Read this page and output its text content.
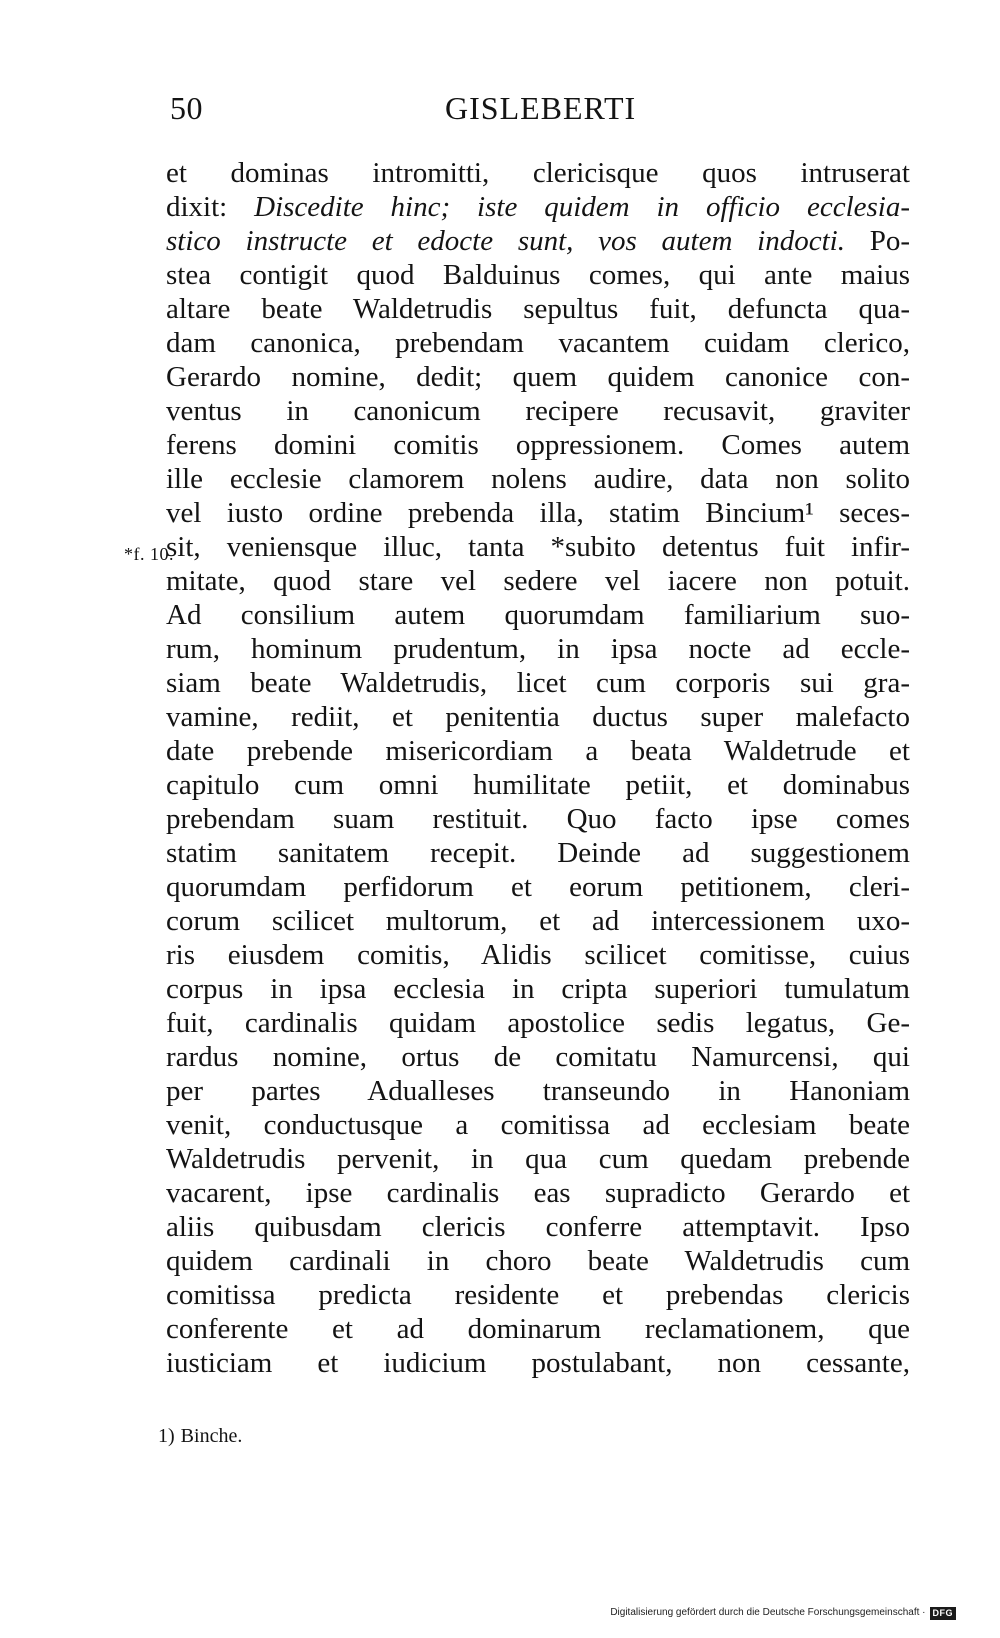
50	GISLEBERTI
*f. 10.
et dominas intromitti, clericisque quos intruserat
dixit: Discedite hinc; iste quidem in officio ecclesia-
stico instructe et edocte sunt, vos autem indocti. Po-
stea contigit quod Balduinus comes, qui ante maius
altare beate Waldetrudis sepultus fuit, defuncta qua-
dam canonica, prebendam vacantem cuidam clerico,
Gerardo nomine, dedit; quem quidem canonice con-
ventus in canonicum recipere recusavit, graviter
ferens domini comitis oppressionem. Comes autem
ille ecclesie clamorem nolens audire, data non solito
vel iusto ordine prebenda illa, statim Bincium¹ seces-
sit, veniensque illuc, tanta *subito detentus fuit infir-
mitate, quod stare vel sedere vel iacere non potuit.
Ad consilium autem quorumdam familiarium suo-
rum, hominum prudentum, in ipsa nocte ad eccle-
siam beate Waldetrudis, licet cum corporis sui gra-
vamine, rediit, et penitentia ductus super malefacto
date prebende misericordiam a beata Waldetrude et
capitulo cum omni humilitate petiit, et dominabus
prebendam suam restituit. Quo facto ipse comes
statim sanitatem recepit. Deinde ad suggestionem
quorumdam perfidorum et eorum petitionem, cleri-
corum scilicet multorum, et ad intercessionem uxo-
ris eiusdem comitis, Alidis scilicet comitisse, cuius
corpus in ipsa ecclesia in cripta superiori tumulatum
fuit, cardinalis quidam apostolice sedis legatus, Ge-
rardus nomine, ortus de comitatu Namurcensi, qui
per partes Adualleses transeundo in Hanoniam
venit, conductusque a comitissa ad ecclesiam beate
Waldetrudis pervenit, in qua cum quedam prebende
vacarent, ipse cardinalis eas supradicto Gerardo et
aliis quibusdam clericis conferre attemptavit. Ipso
quidem cardinali in choro beate Waldetrudis cum
comitissa predicta residente et prebendas clericis
conferente et ad dominarum reclamationem, que
iusticiam et iudicium postulabant, non cessante,
1) Binche.
Digitalisierung gefördert durch die Deutsche Forschungsgemeinschaft · DFG
